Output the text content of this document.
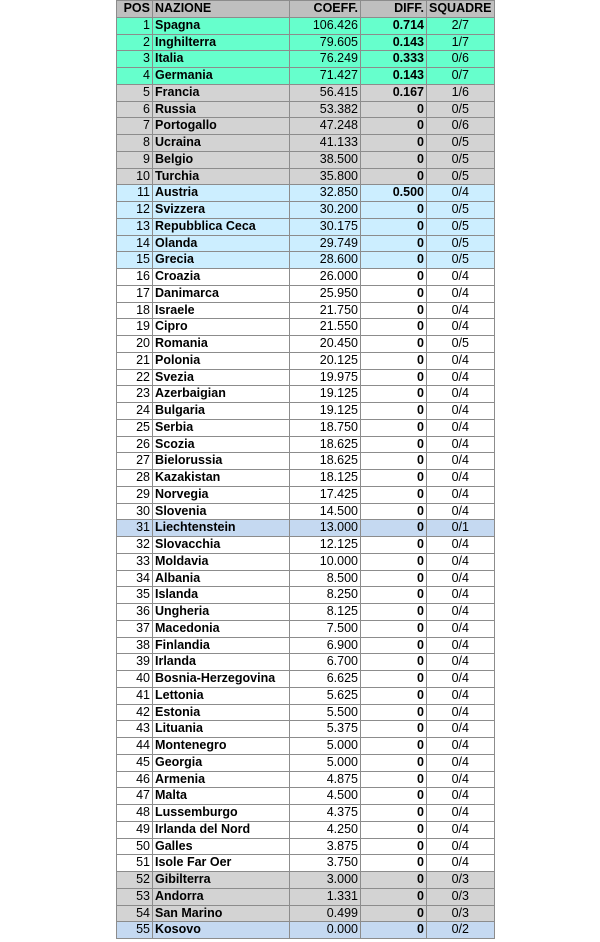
POS	NAZIONE	COEFF.	DIFF.	SQUADRE
1	Spagna	106.426	0.714	2/7
2	Inghilterra	79.605	0.143	1/7
3	Italia	76.249	0.333	0/6
4	Germania	71.427	0.143	0/7
5	Francia	56.415	0.167	1/6
6	Russia	53.382	0	0/5
7	Portogallo	47.248	0	0/6
8	Ucraina	41.133	0	0/5
9	Belgio	38.500	0	0/5
10	Turchia	35.800	0	0/5
11	Austria	32.850	0.500	0/4
12	Svizzera	30.200	0	0/5
13	Repubblica Ceca	30.175	0	0/5
14	Olanda	29.749	0	0/5
15	Grecia	28.600	0	0/5
16	Croazia	26.000	0	0/4
17	Danimarca	25.950	0	0/4
18	Israele	21.750	0	0/4
19	Cipro	21.550	0	0/4
20	Romania	20.450	0	0/5
21	Polonia	20.125	0	0/4
22	Svezia	19.975	0	0/4
23	Azerbaigian	19.125	0	0/4
24	Bulgaria	19.125	0	0/4
25	Serbia	18.750	0	0/4
26	Scozia	18.625	0	0/4
27	Bielorussia	18.625	0	0/4
28	Kazakistan	18.125	0	0/4
29	Norvegia	17.425	0	0/4
30	Slovenia	14.500	0	0/4
31	Liechtenstein	13.000	0	0/1
32	Slovacchia	12.125	0	0/4
33	Moldavia	10.000	0	0/4
34	Albania	8.500	0	0/4
35	Islanda	8.250	0	0/4
36	Ungheria	8.125	0	0/4
37	Macedonia	7.500	0	0/4
38	Finlandia	6.900	0	0/4
39	Irlanda	6.700	0	0/4
40	Bosnia-Herzegovina	6.625	0	0/4
41	Lettonia	5.625	0	0/4
42	Estonia	5.500	0	0/4
43	Lituania	5.375	0	0/4
44	Montenegro	5.000	0	0/4
45	Georgia	5.000	0	0/4
46	Armenia	4.875	0	0/4
47	Malta	4.500	0	0/4
48	Lussemburgo	4.375	0	0/4
49	Irlanda del Nord	4.250	0	0/4
50	Galles	3.875	0	0/4
51	Isole Far Oer	3.750	0	0/4
52	Gibilterra	3.000	0	0/3
53	Andorra	1.331	0	0/3
54	San Marino	0.499	0	0/3
55	Kosovo	0.000	0	0/2
